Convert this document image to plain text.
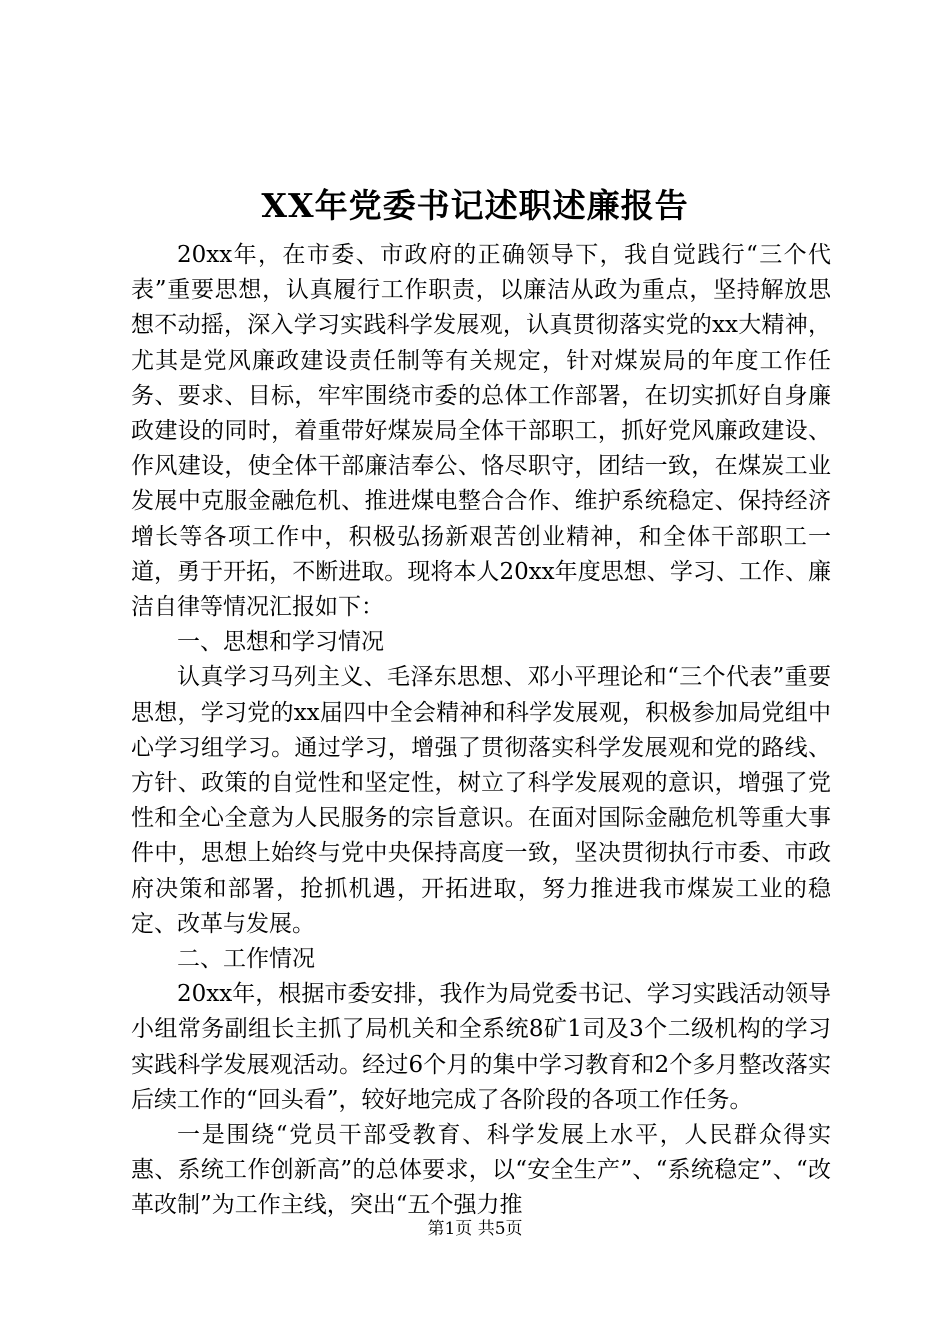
XX年党委书记述职述廉报告

20xx年，在市委、市政府的正确领导下，我自觉践行“三个代表”重要思想，认真履行工作职责，以廉洁从政为重点，坚持解放思想不动摇，深入学习实践科学发展观，认真贯彻落实党的xx大精神，尤其是党风廉政建设责任制等有关规定，针对煤炭局的年度工作任务、要求、目标，牢牢围绕市委的总体工作部署，在切实抓好自身廉政建设的同时，着重带好煤炭局全体干部职工，抓好党风廉政建设、作风建设，使全体干部廉洁奉公、恪尽职守，团结一致，在煤炭工业发展中克服金融危机、推进煤电整合合作、维护系统稳定、保持经济增长等各项工作中，积极弘扬新艰苦创业精神，和全体干部职工一道，勇于开拓，不断进取。现将本人20xx年度思想、学习、工作、廉洁自律等情况汇报如下：

一、思想和学习情况

认真学习马列主义、毛泽东思想、邓小平理论和“三个代表”重要思想，学习党的xx届四中全会精神和科学发展观，积极参加局党组中心学习组学习。通过学习，增强了贯彻落实科学发展观和党的路线、方针、政策的自觉性和坚定性，树立了科学发展观的意识，增强了党性和全心全意为人民服务的宗旨意识。在面对国际金融危机等重大事件中，思想上始终与党中央保持高度一致，坚决贯彻执行市委、市政府决策和部署，抢抓机遇，开拓进取，努力推进我市煤炭工业的稳定、改革与发展。

二、工作情况

20xx年，根据市委安排，我作为局党委书记、学习实践活动领导小组常务副组长主抓了局机关和全系统8矿1司及3个二级机构的学习实践科学发展观活动。经过6个月的集中学习教育和2个多月整改落实后续工作的“回头看”，较好地完成了各阶段的各项工作任务。

一是围绕“党员干部受教育、科学发展上水平，人民群众得实惠、系统工作创新高”的总体要求，以“安全生产”、“系统稳定”、“改革改制”为工作主线，突出“五个强力推

第1页 共5页
